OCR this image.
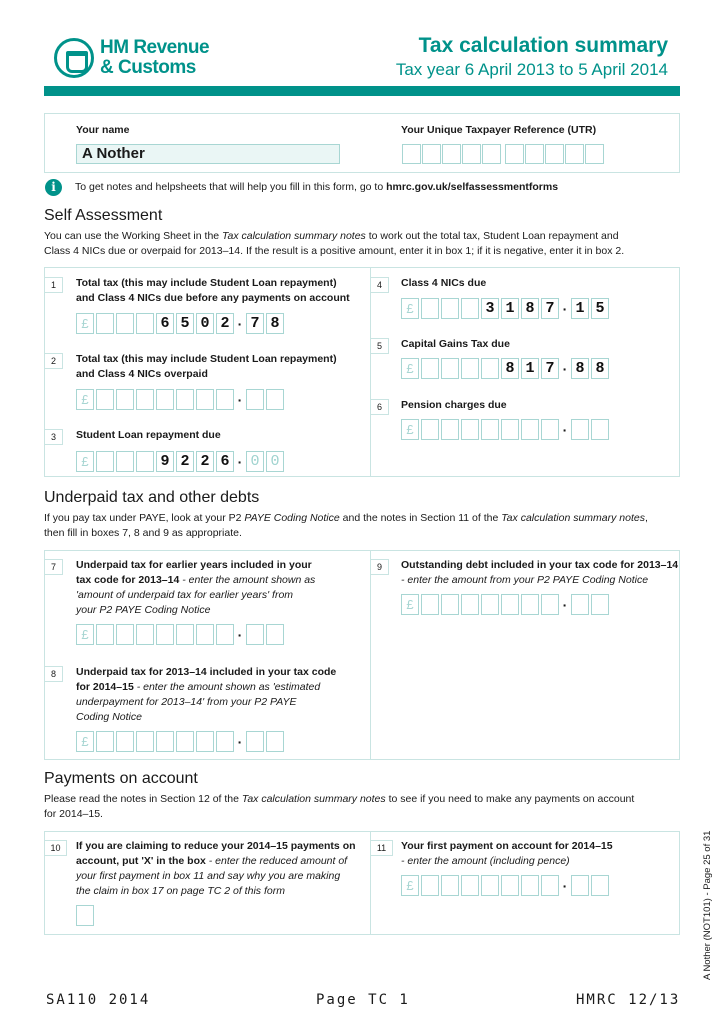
HM Revenue
& Customs
Tax calculation summary
Tax year 6 April 2013 to 5 April 2014
Your name
A Nother
Your Unique Taxpayer Reference (UTR)
i	To get notes and helpsheets that will help you fill in this form, go to hmrc.gov.uk/selfassessmentforms
Self Assessment
You can use the Working Sheet in the Tax calculation summary notes to work out the total tax, Student Loan repayment and
Class 4 NICs due or overpaid for 2013–14. If the result is a positive amount, enter it in box 1; if it is negative, enter it in box 2.
1	Total tax (this may include Student Loan repayment)
and Class 4 NICs due before any payments on account
£	6 5 0 2 · 7 8
2	Total tax (this may include Student Loan repayment)
and Class 4 NICs overpaid
£	·
3	Student Loan repayment due
£	9 2 2 6 · 0 0
4	Class 4 NICs due
£	3 1 8 7 · 1 5
5	Capital Gains Tax due
£	8 1 7 · 8 8
6	Pension charges due
£	·
Underpaid tax and other debts
If you pay tax under PAYE, look at your P2 PAYE Coding Notice and the notes in Section 11 of the Tax calculation summary notes,
then fill in boxes 7, 8 and 9 as appropriate.
7	Underpaid tax for earlier years included in your
tax code for 2013–14 - enter the amount shown as
'amount of underpaid tax for earlier years' from
your P2 PAYE Coding Notice
£	·
8	Underpaid tax for 2013–14 included in your tax code
for 2014–15 - enter the amount shown as 'estimated
underpayment for 2013–14' from your P2 PAYE
Coding Notice
£	·
9	Outstanding debt included in your tax code for 2013–14
- enter the amount from your P2 PAYE Coding Notice
£	·
Payments on account
Please read the notes in Section 12 of the Tax calculation summary notes to see if you need to make any payments on account
for 2014–15.
10	If you are claiming to reduce your 2014–15 payments on
account, put 'X' in the box - enter the reduced amount of
your first payment in box 11 and say why you are making
the claim in box 17 on page TC 2 of this form
11	Your first payment on account for 2014–15
- enter the amount (including pence)
£	·
SA110 2014	Page TC 1	HMRC 12/13
A Nother (NOT101) - Page 25 of 31
